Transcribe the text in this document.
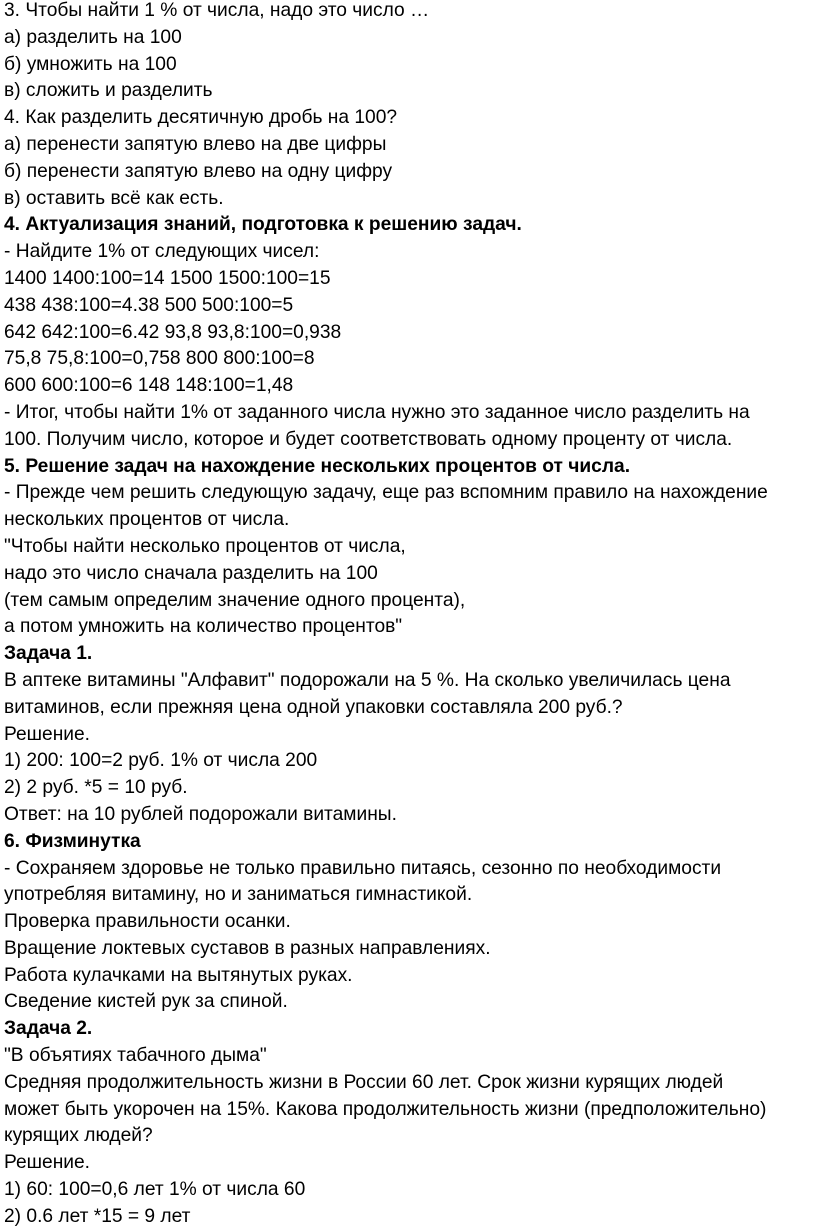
3. Чтобы найти 1 % от числа, надо это число …
а) разделить на 100
б) умножить на 100
в) сложить и разделить
4. Как разделить десятичную дробь на 100?
а) перенести запятую влево на две цифры
б) перенести запятую влево на одну цифру
в) оставить всё как есть.
4. Актуализация знаний, подготовка к решению задач.
- Найдите 1% от следующих чисел:
1400 1400:100=14 1500 1500:100=15
438 438:100=4.38 500 500:100=5
642 642:100=6.42 93,8 93,8:100=0,938
75,8 75,8:100=0,758 800 800:100=8
600 600:100=6 148 148:100=1,48
- Итог, чтобы найти 1% от заданного числа нужно это заданное число разделить на
100. Получим число, которое и будет соответствовать одному проценту от числа.
5. Решение задач на нахождение нескольких процентов от числа.
- Прежде чем решить следующую задачу, еще раз вспомним правило на нахождение
нескольких процентов от числа.
"Чтобы найти несколько процентов от числа,
надо это число сначала разделить на 100
(тем самым определим значение одного процента),
а потом умножить на количество процентов"
Задача 1.
В аптеке витамины "Алфавит" подорожали на 5 %. На сколько увеличилась цена
витаминов, если прежняя цена одной упаковки составляла 200 руб.?
Решение.
1) 200: 100=2 руб. 1% от числа 200
2) 2 руб. *5 = 10 руб.
Ответ: на 10 рублей подорожали витамины.
6. Физминутка
- Сохраняем здоровье не только правильно питаясь, сезонно по необходимости
употребляя витамину, но и заниматься гимнастикой.
Проверка правильности осанки.
Вращение локтевых суставов в разных направлениях.
Работа кулачками на вытянутых руках.
Сведение кистей рук за спиной.
Задача 2.
"В объятиях табачного дыма"
Средняя продолжительность жизни в России 60 лет. Срок жизни курящих людей
может быть укорочен на 15%. Какова продолжительность жизни (предположительно)
курящих людей?
Решение.
1) 60: 100=0,6 лет 1% от числа 60
2) 0.6 лет *15 = 9 лет
